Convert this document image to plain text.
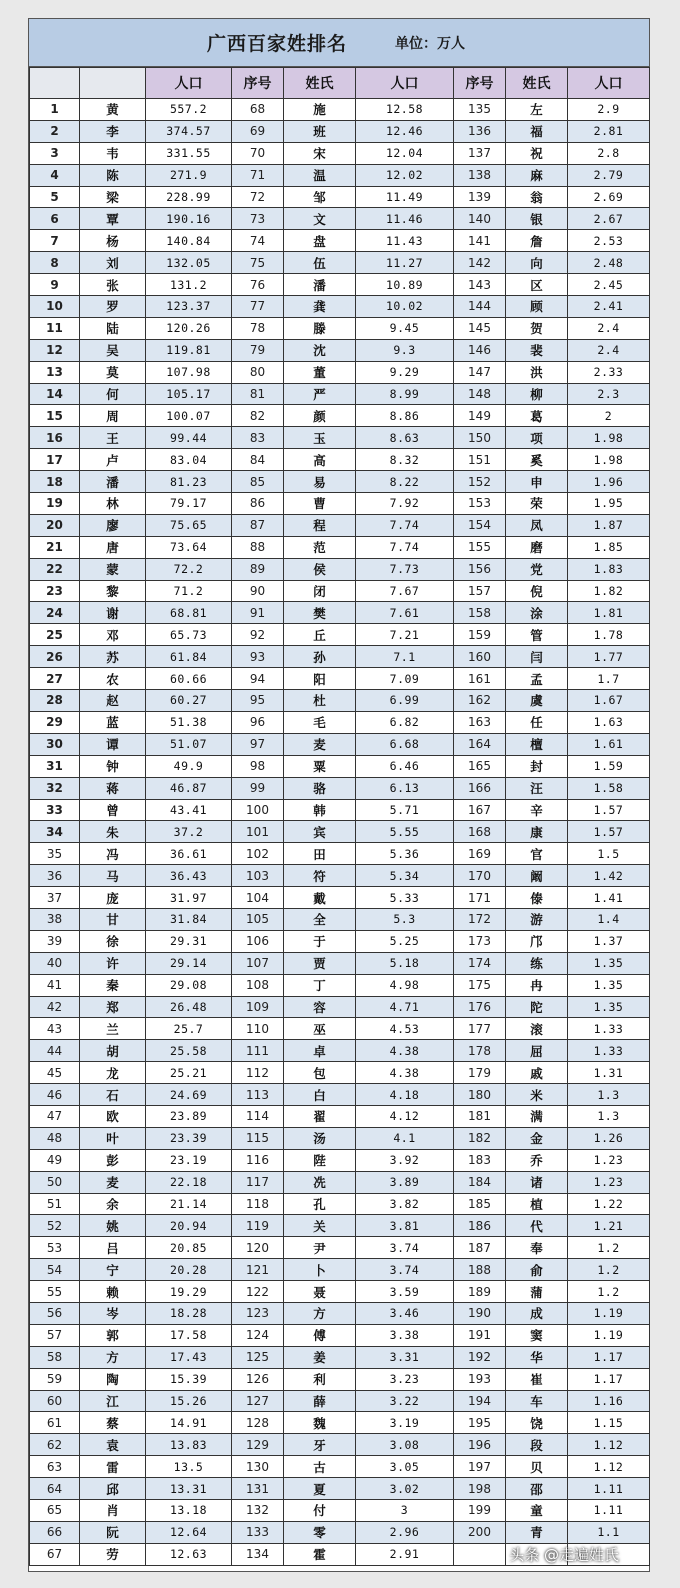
广西百家姓排名	单位：万人
		人口	序号	姓氏	人口	序号	姓氏	人口
1	黄	557.2	68	施	12.58	135	左	2.9
2	李	374.57	69	班	12.46	136	福	2.81
3	韦	331.55	70	宋	12.04	137	祝	2.8
4	陈	271.9	71	温	12.02	138	麻	2.79
5	梁	228.99	72	邹	11.49	139	翁	2.69
6	覃	190.16	73	文	11.46	140	银	2.67
7	杨	140.84	74	盘	11.43	141	詹	2.53
8	刘	132.05	75	伍	11.27	142	向	2.48
9	张	131.2	76	潘	10.89	143	区	2.45
10	罗	123.37	77	龚	10.02	144	顾	2.41
11	陆	120.26	78	滕	9.45	145	贺	2.4
12	吴	119.81	79	沈	9.3	146	裴	2.4
13	莫	107.98	80	董	9.29	147	洪	2.33
14	何	105.17	81	严	8.99	148	柳	2.3
15	周	100.07	82	颜	8.86	149	葛	2
16	王	99.44	83	玉	8.63	150	项	1.98
17	卢	83.04	84	高	8.32	151	奚	1.98
18	潘	81.23	85	易	8.22	152	申	1.96
19	林	79.17	86	曹	7.92	153	荣	1.95
20	廖	75.65	87	程	7.74	154	凤	1.87
21	唐	73.64	88	范	7.74	155	磨	1.85
22	蒙	72.2	89	侯	7.73	156	党	1.83
23	黎	71.2	90	闭	7.67	157	倪	1.82
24	谢	68.81	91	樊	7.61	158	涂	1.81
25	邓	65.73	92	丘	7.21	159	管	1.78
26	苏	61.84	93	孙	7.1	160	闫	1.77
27	农	60.66	94	阳	7.09	161	孟	1.7
28	赵	60.27	95	杜	6.99	162	虞	1.67
29	蓝	51.38	96	毛	6.82	163	任	1.63
30	谭	51.07	97	麦	6.68	164	檀	1.61
31	钟	49.9	98	粟	6.46	165	封	1.59
32	蒋	46.87	99	骆	6.13	166	汪	1.58
33	曾	43.41	100	韩	5.71	167	辛	1.57
34	朱	37.2	101	宾	5.55	168	康	1.57
35	冯	36.61	102	田	5.36	169	官	1.5
36	马	36.43	103	符	5.34	170	阚	1.42
37	庞	31.97	104	戴	5.33	171	傣	1.41
38	甘	31.84	105	全	5.3	172	游	1.4
39	徐	29.31	106	于	5.25	173	邝	1.37
40	许	29.14	107	贾	5.18	174	练	1.35
41	秦	29.08	108	丁	4.98	175	冉	1.35
42	郑	26.48	109	容	4.71	176	陀	1.35
43	兰	25.7	110	巫	4.53	177	滚	1.33
44	胡	25.58	111	卓	4.38	178	屈	1.33
45	龙	25.21	112	包	4.38	179	戚	1.31
46	石	24.69	113	白	4.18	180	米	1.3
47	欧	23.89	114	翟	4.12	181	满	1.3
48	叶	23.39	115	汤	4.1	182	金	1.26
49	彭	23.19	116	陛	3.92	183	乔	1.23
50	麦	22.18	117	冼	3.89	184	诸	1.23
51	余	21.14	118	孔	3.82	185	植	1.22
52	姚	20.94	119	关	3.81	186	代	1.21
53	吕	20.85	120	尹	3.74	187	奉	1.2
54	宁	20.28	121	卜	3.74	188	俞	1.2
55	赖	19.29	122	聂	3.59	189	蒲	1.2
56	岑	18.28	123	方	3.46	190	成	1.19
57	郭	17.58	124	傅	3.38	191	窦	1.19
58	方	17.43	125	姜	3.31	192	华	1.17
59	陶	15.39	126	利	3.23	193	崔	1.17
60	江	15.26	127	薛	3.22	194	车	1.16
61	蔡	14.91	128	魏	3.19	195	饶	1.15
62	袁	13.83	129	牙	3.08	196	段	1.12
63	雷	13.5	130	古	3.05	197	贝	1.12
64	邱	13.31	131	夏	3.02	198	邵	1.11
65	肖	13.18	132	付	3	199	童	1.11
66	阮	12.64	133	零	2.96	200	青	1.1
67	劳	12.63	134	霍	2.91				头条 @走遍姓氏
